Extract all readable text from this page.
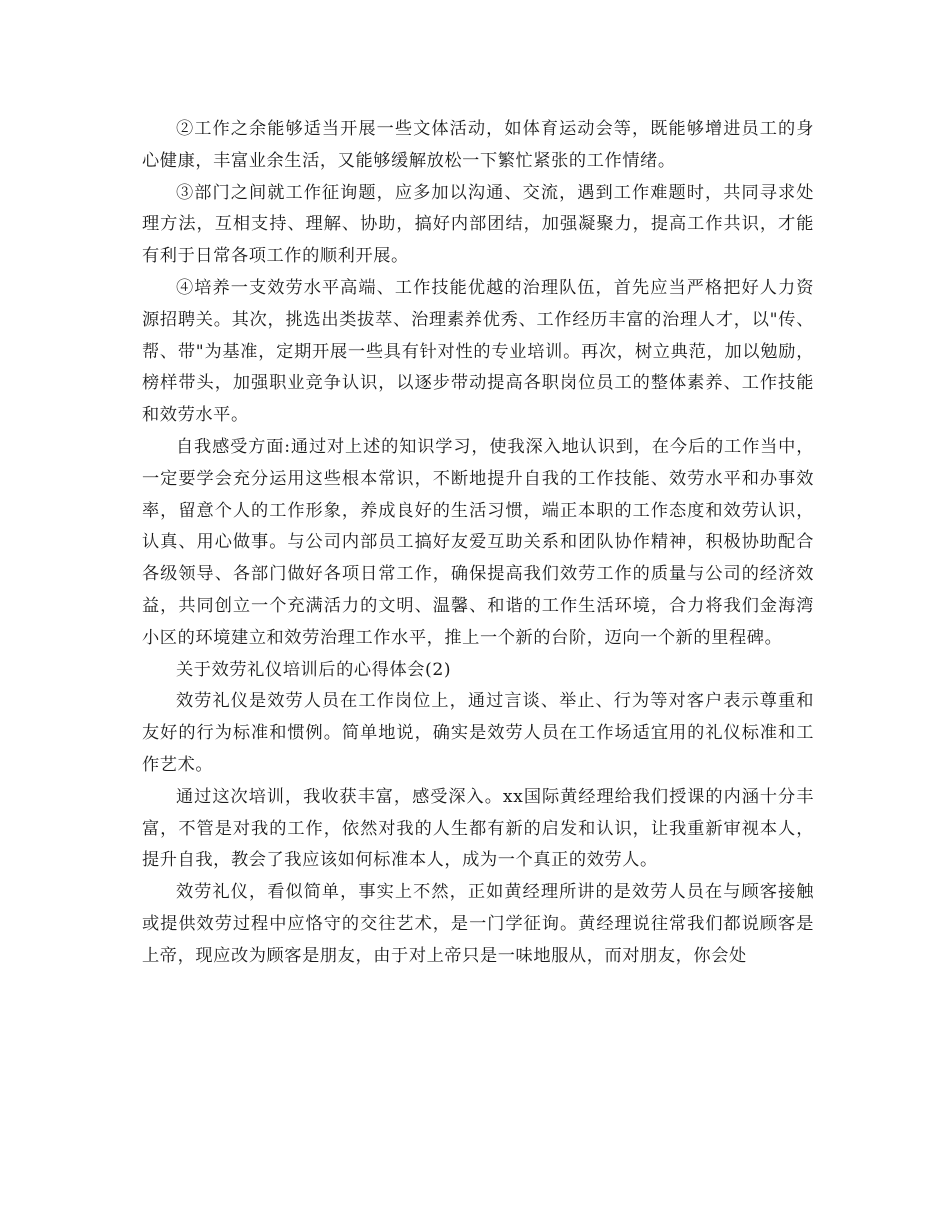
②工作之余能够适当开展一些文体活动，如体育运动会等，既能够增进员工的身心健康，丰富业余生活，又能够缓解放松一下繁忙紧张的工作情绪。

③部门之间就工作征询题，应多加以沟通、交流，遇到工作难题时，共同寻求处理方法，互相支持、理解、协助，搞好内部团结，加强凝聚力，提高工作共识，才能有利于日常各项工作的顺利开展。

④培养一支效劳水平高端、工作技能优越的治理队伍，首先应当严格把好人力资源招聘关。其次，挑选出类拔萃、治理素养优秀、工作经历丰富的治理人才，以"传、帮、带"为基准，定期开展一些具有针对性的专业培训。再次，树立典范，加以勉励，榜样带头，加强职业竞争认识，以逐步带动提高各职岗位员工的整体素养、工作技能和效劳水平。

自我感受方面:通过对上述的知识学习，使我深入地认识到，在今后的工作当中，一定要学会充分运用这些根本常识，不断地提升自我的工作技能、效劳水平和办事效率，留意个人的工作形象，养成良好的生活习惯，端正本职的工作态度和效劳认识，认真、用心做事。与公司内部员工搞好友爱互助关系和团队协作精神，积极协助配合各级领导、各部门做好各项日常工作，确保提高我们效劳工作的质量与公司的经济效益，共同创立一个充满活力的文明、温馨、和谐的工作生活环境，合力将我们金海湾小区的环境建立和效劳治理工作水平，推上一个新的台阶，迈向一个新的里程碑。

关于效劳礼仪培训后的心得体会(2)

效劳礼仪是效劳人员在工作岗位上，通过言谈、举止、行为等对客户表示尊重和友好的行为标准和惯例。简单地说，确实是效劳人员在工作场适宜用的礼仪标准和工作艺术。

通过这次培训，我收获丰富，感受深入。xx国际黄经理给我们授课的内涵十分丰富，不管是对我的工作，依然对我的人生都有新的启发和认识，让我重新审视本人，提升自我，教会了我应该如何标准本人，成为一个真正的效劳人。

效劳礼仪，看似简单，事实上不然，正如黄经理所讲的是效劳人员在与顾客接触或提供效劳过程中应恪守的交往艺术，是一门学征询。黄经理说往常我们都说顾客是上帝，现应改为顾客是朋友，由于对上帝只是一味地服从，而对朋友，你会处
